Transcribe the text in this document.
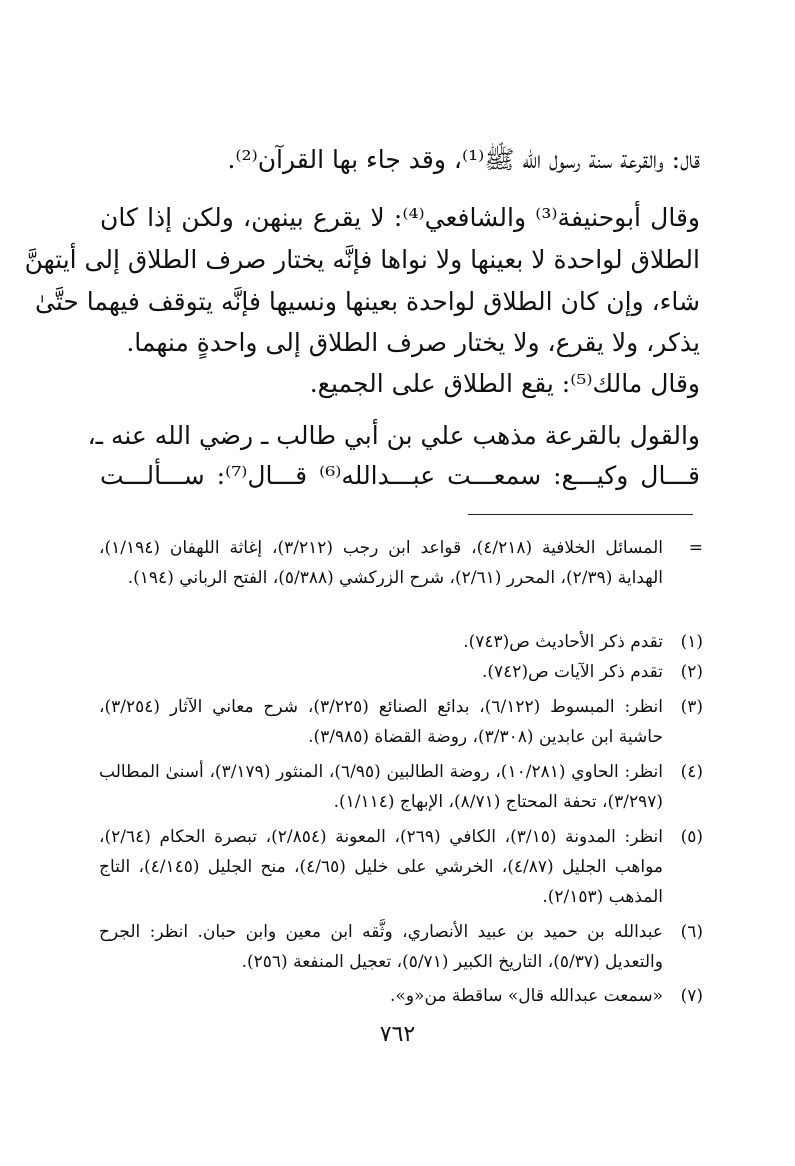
قال: والقرعة سنة رسول الله ﷺ⁽¹⁾، وقد جاء بها القرآن⁽²⁾.
وقال أبوحنيفة⁽³⁾ والشافعي⁽⁴⁾: لا يقرع بينهن، ولكن إذا كان
الطلاق لواحدة لا بعينها ولا نواها فإنَّه يختار صرف الطلاق إلى أيتهنَّ
شاء، وإن كان الطلاق لواحدة بعينها ونسيها فإنَّه يتوقف فيهما حتَّىٰ
يذكر، ولا يقرع، ولا يختار صرف الطلاق إلى واحدةٍ منهما.
وقال مالك⁽⁵⁾: يقع الطلاق على الجميع.
والقول بالقرعة مذهب علي بن أبي طالب ـ رضي الله عنه ـ،
قـــال وكيـــع: سمعـــت عبـــدالله⁽⁶⁾ قـــال⁽⁷⁾: ســـألـــت
=
المسائل الخلافية (٤/٢١٨)، قواعد ابن رجب (٣/٢١٢)، إغاثة اللهفان (١/١٩٤)، الهداية (٢/٣٩)، المحرر (٢/٦١)، شرح الزركشي (٥/٣٨٨)، الفتح الرباني (١٩٤).
(١)
تقدم ذكر الأحاديث ص(٧٤٣).
(٢)
تقدم ذكر الآيات ص(٧٤٢).
(٣)
انظر: المبسوط (٦/١٢٢)، بدائع الصنائع (٣/٢٢٥)، شرح معاني الآثار (٣/٢٥٤)، حاشية ابن عابدين (٣/٣٠٨)، روضة القضاة (٣/٩٨٥).
(٤)
انظر: الحاوي (١٠/٢٨١)، روضة الطالبين (٦/٩٥)، المنثور (٣/١٧٩)، أسنىٰ المطالب (٣/٢٩٧)، تحفة المحتاج (٨/٧١)، الإبهاج (١/١١٤).
(٥)
انظر: المدونة (٣/١٥)، الكافي (٢٦٩)، المعونة (٢/٨٥٤)، تبصرة الحكام (٢/٦٤)، مواهب الجليل (٤/٨٧)، الخرشي على خليل (٤/٦٥)، منح الجليل (٤/١٤٥)، التاج المذهب (٢/١٥٣).
(٦)
عبدالله بن حميد بن عبيد الأنصاري، وثَّقه ابن معين وابن حبان. انظر: الجرح والتعديل (٥/٣٧)، التاريخ الكبير (٥/٧١)، تعجيل المنفعة (٢٥٦).
(٧)
«سمعت عبدالله قال» ساقطة من«و».
٧٦٢
